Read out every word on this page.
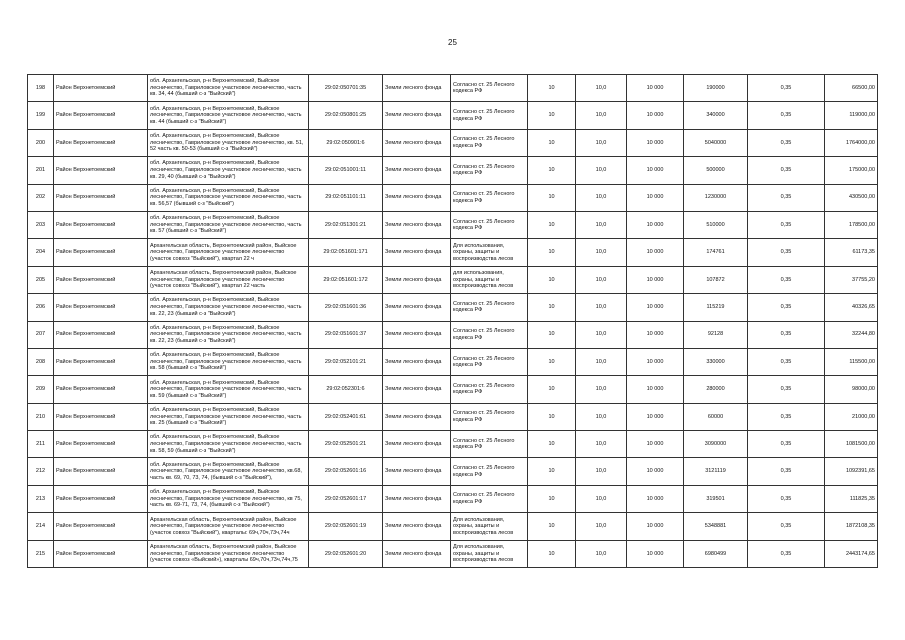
25
198	Район Верхнетоемский	обл. Архангельская, р-н Верхнетоемский, Выйское лесничество, Гавриловское участковое лесничество, часть кв. 34, 44 (бывший с-з "Выйский")	29:02:050701:35	Земли лесного фонда	Согласно ст. 25 Лесного кодекса РФ	10	10,0	10 000	190000	0,35	66500,00
199	Район Верхнетоемский	обл. Архангельская, р-н Верхнетоемский, Выйское лесничество, Гавриловское участковое лесничество, часть кв. 44 (бывший с-з "Выйский")	29:02:050801:25	Земли лесного фонда	Согласно ст. 25 Лесного кодекса РФ	10	10,0	10 000	340000	0,35	119000,00
200	Район Верхнетоемский	обл. Архангельская, р-н Верхнетоемский, Выйское лесничество, Гавриловское участковое лесничество, кв. 51, 52 часть кв. 50-53 (бывший с-з "Выйский")	29:02:050901:6	Земли лесного фонда	Согласно ст. 25 Лесного кодекса РФ	10	10,0	10 000	5040000	0,35	1764000,00
201	Район Верхнетоемский	обл. Архангельская, р-н Верхнетоемский, Выйское лесничество, Гавриловское участковое лесничество, часть кв. 29, 40 (бывший с-з "Выйский")	29:02:051001:11	Земли лесного фонда	Согласно ст. 25 Лесного кодекса РФ	10	10,0	10 000	500000	0,35	175000,00
202	Район Верхнетоемский	обл. Архангельская, р-н Верхнетоемский, Выйское лесничество, Гавриловское участковое лесничество, часть кв. 56,57 (бывший с-з "Выйский")	29:02:051101:11	Земли лесного фонда	Согласно ст. 25 Лесного кодекса РФ	10	10,0	10 000	1230000	0,35	430500,00
203	Район Верхнетоемский	обл. Архангельская, р-н Верхнетоемский, Выйское лесничество, Гавриловское участковое лесничество, часть кв. 57 (бывший с-з "Выйский")	29:02:051301:21	Земли лесного фонда	Согласно ст. 25 Лесного кодекса РФ	10	10,0	10 000	510000	0,35	178500,00
204	Район Верхнетоемский	Архангельская область, Верхнетоемский район, Выйское лесничество, Гавриловское участковое лесничество (участок совхоз "Выйский"), квартал 22 ч	29:02:051601:171	Земли лесного фонда	Для использования, охраны, защиты и воспроизводства лесов	10	10,0	10 000	174761	0,35	61173,35
205	Район Верхнетоемский	Архангельская область, Верхнетоемский район, Выйское лесничество, Гавриловское участковое лесничество (участок совхоз "Выйский"), квартал 22 часть	29:02:051601:172	Земли лесного фонда	для использования, охраны, защиты и воспроизводства лесов	10	10,0	10 000	107872	0,35	37755,20
206	Район Верхнетоемский	обл. Архангельская, р-н Верхнетоемский, Выйское лесничество, Гавриловское участковое лесничество, часть кв. 22, 23 (бывший с-з "Выйский")	29:02:051601:36	Земли лесного фонда	Согласно ст. 25 Лесного кодекса РФ	10	10,0	10 000	115219	0,35	40326,65
207	Район Верхнетоемский	обл. Архангельская, р-н Верхнетоемский, Выйское лесничество, Гавриловское участковое лесничество, часть кв. 22, 23 (бывший с-з "Выйский")	29:02:051601:37	Земли лесного фонда	Согласно ст. 25 Лесного кодекса РФ	10	10,0	10 000	92128	0,35	32244,80
208	Район Верхнетоемский	обл. Архангельская, р-н Верхнетоемский, Выйское лесничество, Гавриловское участковое лесничество, часть кв. 58 (бывший с-з "Выйский")	29:02:052101:21	Земли лесного фонда	Согласно ст. 25 Лесного кодекса РФ	10	10,0	10 000	330000	0,35	115500,00
209	Район Верхнетоемский	обл. Архангельская, р-н Верхнетоемский, Выйское лесничество, Гавриловское участковое лесничество, часть кв. 59 (бывший с-з "Выйский")	29:02:052301:6	Земли лесного фонда	Согласно ст. 25 Лесного кодекса РФ	10	10,0	10 000	280000	0,35	98000,00
210	Район Верхнетоемский	обл. Архангельская, р-н Верхнетоемский, Выйское лесничество, Гавриловское участковое лесничество, часть кв. 25 (бывший с-з "Выйский")	29:02:052401:61	Земли лесного фонда	Согласно ст. 25 Лесного кодекса РФ	10	10,0	10 000	60000	0,35	21000,00
211	Район Верхнетоемский	обл. Архангельская, р-н Верхнетоемский, Выйское лесничество, Гавриловское участковое лесничество, часть кв. 58, 59 (бывший с-з "Выйский")	29:02:052501:21	Земли лесного фонда	Согласно ст. 25 Лесного кодекса РФ	10	10,0	10 000	3090000	0,35	1081500,00
212	Район Верхнетоемский	обл. Архангельская, р-н Верхнетоемский, Выйское лесничество, Гавриловское участковое лесничество, кв.68, часть кв. 69, 70, 73, 74, (бывший с-з "Выйский"),	29:02:052601:16	Земли лесного фонда	Согласно ст. 25 Лесного кодекса РФ	10	10,0	10 000	3121119	0,35	1092391,65
213	Район Верхнетоемский	обл. Архангельская, р-н Верхнетоемский, Выйское лесничество, Гавриловское участковое лесничество, кв 75, часть кв. 69-71, 73, 74, (бывший с-з "Выйский")	29:02:052601:17	Земли лесного фонда	Согласно ст. 25 Лесного кодекса РФ	10	10,0	10 000	319501	0,35	111825,35
214	Район Верхнетоемский	Архангельская область, Верхнетоемский район, Выйское лесничество, Гавриловское участковое лесничество (участок совхоз "Выйский"), кварталы: 69ч,70ч,73ч,74ч	29:02:052601:19	Земли лесного фонда	Для использования, охраны, защиты и воспроизводства лесов	10	10,0	10 000	5348881	0,35	1872108,35
215	Район Верхнетоемский	Архангельская область, Верхнетоемский район, Выйское лесничество, Гавриловское участковое лесничество (участок совхоз «Выйский»), кварталы 69ч,70ч,73ч,74ч,75	29:02:052601:20	Земли лесного фонда	Для использования, охраны, защиты и воспроизводства лесов	10	10,0	10 000	6980499	0,35	2443174,65
